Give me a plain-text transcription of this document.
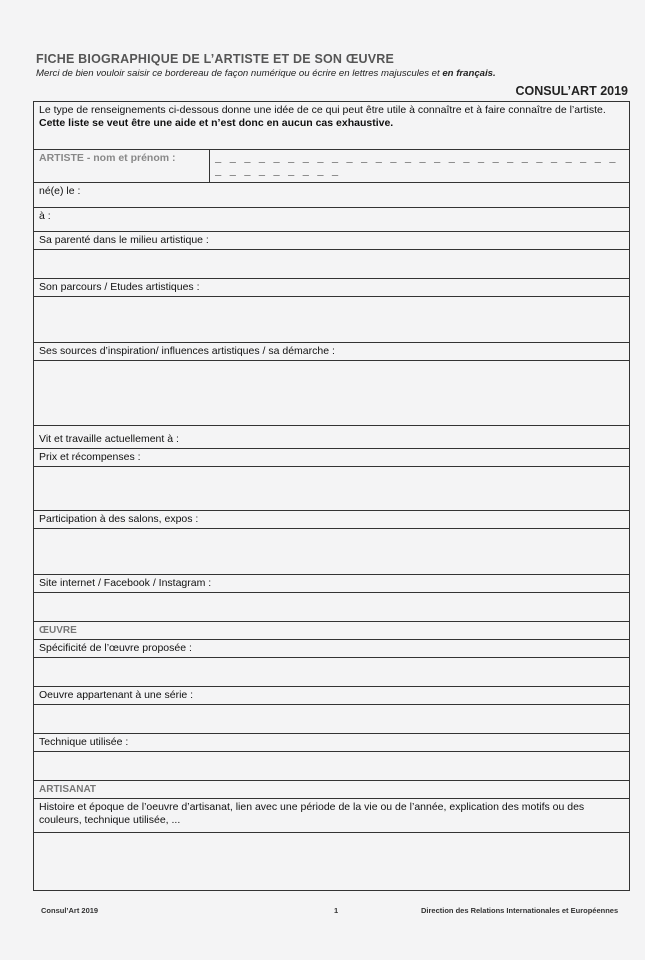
FICHE BIOGRAPHIQUE DE L’ARTISTE ET DE SON ŒUVRE
Merci de bien vouloir saisir ce bordereau de façon numérique ou écrire en lettres majuscules et en français.
CONSUL’ART 2019
Le type de renseignements ci-dessous donne une idée de ce qui peut être utile à connaître et à faire connaître de l’artiste.
Cette liste se veut être une aide et n’est donc en aucun cas exhaustive.

ARTISTE - nom et prénom :	_ _ _ _ _ _ _ _ _ _ _ _ _ _ _ _ _ _ _ _ _ _ _ _ _ _ _ _ _ _ _ _ _ _ _ _ _
né(e) le :
à :
Sa parenté dans le milieu artistique :

Son parcours / Etudes artistiques :

Ses sources d’inspiration/ influences artistiques / sa démarche :

Vit et travaille actuellement à :
Prix et récompenses :

Participation à des salons, expos :

Site internet / Facebook / Instagram :

ŒUVRE
Spécificité de l’œuvre proposée :

Oeuvre appartenant à une série :

Technique utilisée :

ARTISANAT
Histoire et époque de l’oeuvre d’artisanat, lien avec une période de la vie ou de l’année, explication des motifs ou des couleurs, technique utilisée, ...

Consul’Art 2019	1	Direction des Relations Internationales et Européennes
